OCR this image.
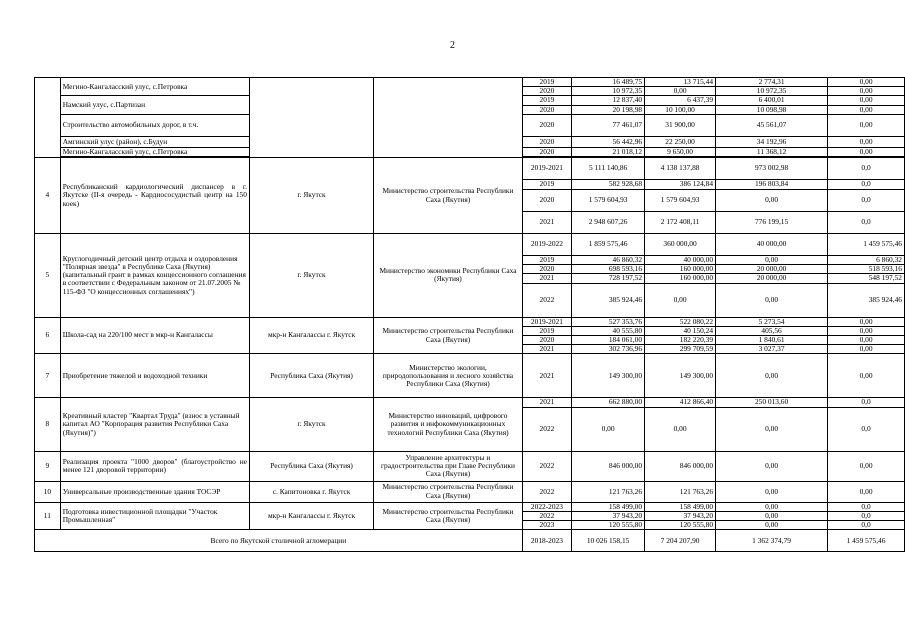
2
	Мегино-Кангаласский улус, с.Петровка			2019	16 489,75	13 715,44	2 774,31	0,00
				2020	10 972,35	0,00	10 972,35	0,00
	Намский улус, с.Партизан			2019	12 837,40	6 437,39	6 400,01	0,00
				2020	20 198,98	10 100,00	10 098,98	0,00
	Строительство автомобильных дорог, в т.ч.			2020	77 461,07	31 900,00	45 561,07	0,00
	Амгинский улус (район), с.Будун			2020	56 442,96	22 250,00	34 192,96	0,00
	Мегино-Кангаласский улус, с.Петровка			2020	21 018,12	9 650,00	11 368,12	0,00

4	Республиканский кардиологический диспансер в г. Якутске (II-я очередь - Кардиососудистый центр на 150 коек)	г. Якутск	Министерство строительства Республики Саха (Якутия)	2019-2021	5 111 140,86	4 138 137,88	973 002,98	0,0
				2019	582 928,68	386 124,84	196 803,84	0,0
				2020	1 579 604,93	1 579 604,93	0,00	0,0
				2021	2 948 607,26	2 172 408,11	776 199,15	0,0
5	Круглогодичный детский центр отдыха и оздоровления "Полярная звезда" в Республике Саха (Якутия) (капитальный грант в рамках концессионного соглашения в соответствии с Федеральным законом от 21.07.2005 № 115-ФЗ "О концессионных соглашениях")	г. Якутск	Министерство экономики Республики Саха (Якутия)	2019-2022	1 859 575,46	360 000,00	40 000,00	1 459 575,46
				2019	46 860,32	40 000,00	0,00	6 860,32
				2020	698 593,16	160 000,00	20 000,00	518 593,16
				2021	728 197,52	160 000,00	20 000,00	548 197,52
				2022	385 924,46	0,00	0,00	385 924,46
6	Школа-сад на 220/100 мест в мкр-н Кангалассы	мкр-н Кангалассы г. Якутск	Министерство строительства Республики Саха (Якутия)	2019-2021	527 353,76	522 080,22	5 273,54	0,00
				2019	40 555,80	40 150,24	405,56	0,00
				2020	184 061,00	182 220,39	1 840,61	0,00
				2021	302 736,96	299 709,59	3 027,37	0,00
7	Приобретение тяжелой и водоходной техники	Республика Саха (Якутия)	Министерство экологии, природопользования и лесного хозяйства Республики Саха (Якутия)	2021	149 300,00	149 300,00	0,00	0,00
8	Креативный кластер "Квартал Труда" (взнос в уставный капитал АО "Корпорация развития Республики Саха (Якутия)")	г. Якутск	Министерство инноваций, цифрового развития и инфокоммуникационных технологий Республики Саха (Якутия)	2021	662 880,00	412 866,40	250 013,60	0,0
				2022	0,00	0,00	0,00	0,0
9	Реализация проекта "1000 дворов" (благоустройство не менее 121 дворовой территории)	Республика Саха (Якутия)	Управление архитектуры и градостроительства при Главе Республики Саха (Якутия)	2022	846 000,00	846 000,00	0,00	0,00
10	Универсальные производственные здания ТОСЭР	с. Капитоновка г. Якутск	Министерство строительства Республики Саха (Якутия)	2022	121 763,26	121 763,26	0,00	0,00
11	Подготовка инвестиционной площадки "Участок Промышленная"	мкр-н Кангаласcы г. Якутск	Министерство строительства Республики Саха (Якутия)	2022-2023	158 499,00	158 499,00	0,00	0,0
				2022	37 943,20	37 943,20	0,00	0,0
				2023	120 555,80	120 555,80	0,00	0,0
Всего по Якутской столичной агломерации				2018-2023	10 026 158,15	7 204 207,90	1 362 374,79	1 459 575,46
